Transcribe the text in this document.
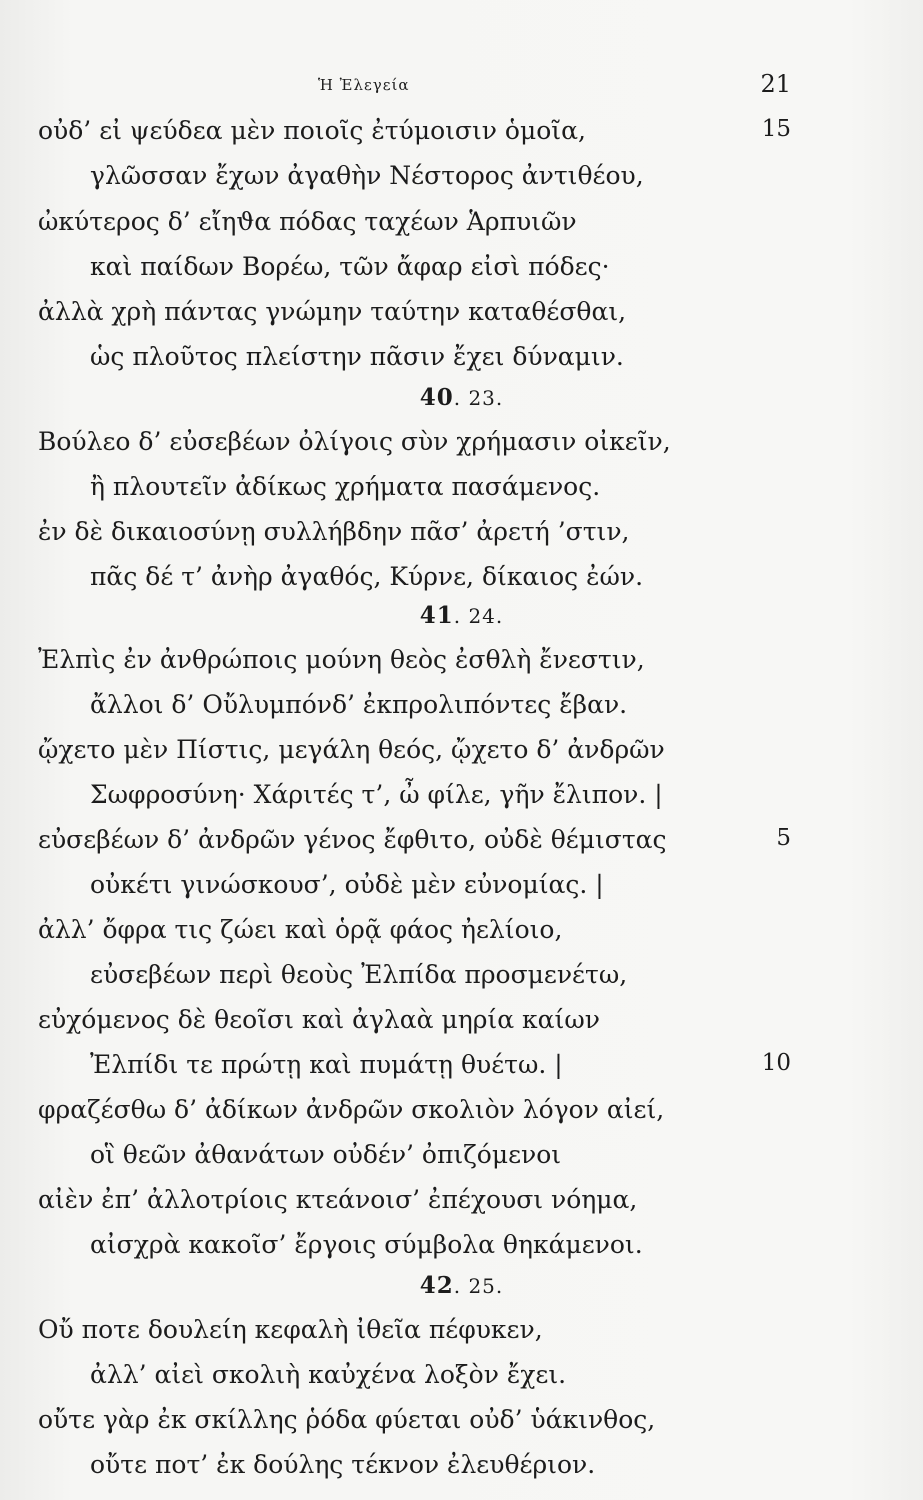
Ἡ Ἐλεγεία	21
οὐδ’ εἰ ψεύδεα μὲν ποιοῖς ἐτύμοισιν ὁμοῖα,	15
γλῶσσαν ἔχων ἀγαθὴν Νέστορος ἀντιθέου,
ὠκύτερος δ’ εἴηϑα πόδας ταχέων Ἁρπυιῶν
καὶ παίδων Βορέω, τῶν ἄφαρ εἰσὶ πόδες·
ἀλλὰ χρὴ πάντας γνώμην ταύτην καταθέσθαι,
ὡς πλοῦτος πλείστην πᾶσιν ἔχει δύναμιν.
40. 23.
Βούλεο δ’ εὐσεβέων ὀλίγοις σὺν χρήμασιν οἰκεῖν,
ἢ πλουτεῖν ἀδίκως χρήματα πασάμενος.
ἐν δὲ δικαιοσύνῃ συλλήβδην πᾶσ’ ἀρετή ’στιν,
πᾶς δέ τ’ ἀνὴρ ἀγαθός, Κύρνε, δίκαιος ἐών.
41. 24.
Ἐλπὶς ἐν ἀνθρώποις μούνη θεὸς ἐσθλὴ ἔνεστιν,
ἄλλοι δ’ Οὔλυμπόνδ’ ἐκπρολιπόντες ἔβαν.
ᾤχετο μὲν Πίστις, μεγάλη θεός, ᾤχετο δ’ ἀνδρῶν
Σωφροσύνη· Χάριτές τ’, ὦ φίλε, γῆν ἔλιπον. |
εὐσεβέων δ’ ἀνδρῶν γένος ἔφθιτο, οὐδὲ θέμιστας	5
οὐκέτι γινώσκουσ’, οὐδὲ μὲν εὐνομίας. |
ἀλλ’ ὄφρα τις ζώει καὶ ὁρᾷ φάος ἠελίοιο,
εὐσεβέων περὶ θεοὺς Ἐλπίδα προσμενέτω,
εὐχόμενος δὲ θεοῖσι καὶ ἀγλαὰ μηρία καίων
Ἐλπίδι τε πρώτῃ καὶ πυμάτῃ θυέτω. |	10
φραζέσθω δ’ ἀδίκων ἀνδρῶν σκολιὸν λόγον αἰεί,
οἳ θεῶν ἀθανάτων οὐδέν’ ὀπιζόμενοι
αἰὲν ἐπ’ ἀλλοτρίοις κτεάνοισ’ ἐπέχουσι νόημα,
αἰσχρὰ κακοῖσ’ ἔργοις σύμβολα θηκάμενοι.
42. 25.
Οὔ ποτε δουλείη κεφαλὴ ἰθεῖα πέφυκεν,
ἀλλ’ αἰεὶ σκολιὴ καὐχένα λοξὸν ἔχει.
οὔτε γὰρ ἐκ σκίλλης ῥόδα φύεται οὐδ’ ὑάκινθος,
οὔτε ποτ’ ἐκ δούλης τέκνον ἐλευθέριον.
